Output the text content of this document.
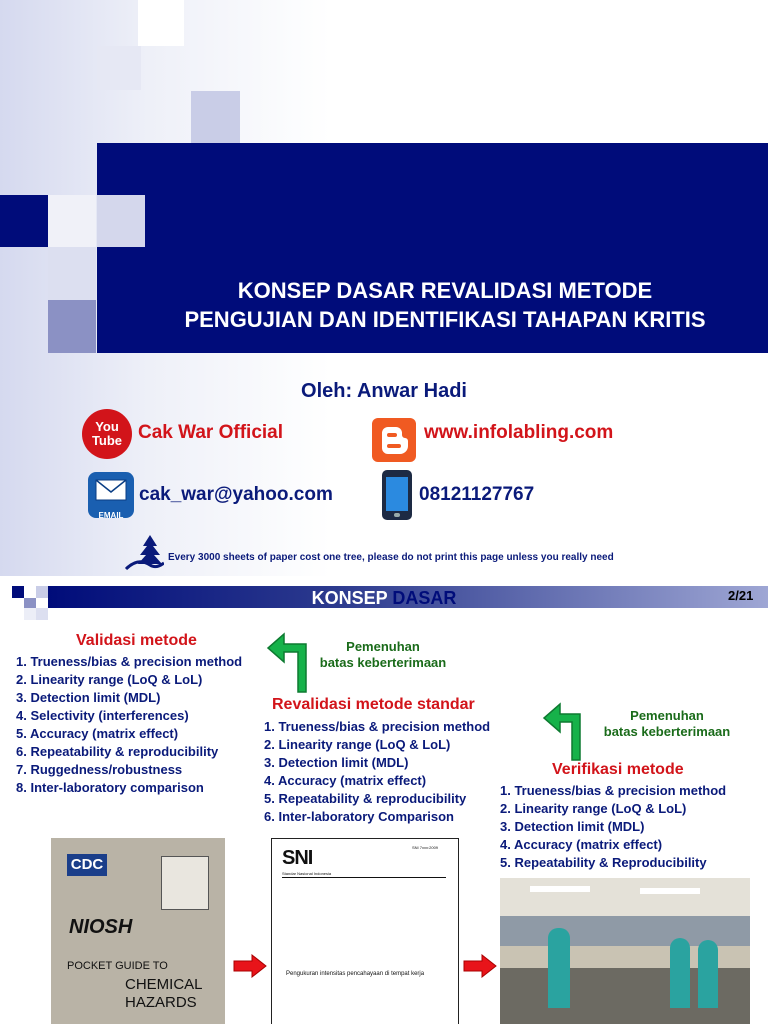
KONSEP DASAR REVALIDASI METODE
PENGUJIAN DAN IDENTIFIKASI TAHAPAN KRITIS
Oleh: Anwar Hadi
You Tube Cak War Official	www.infolabling.com
EMAIL
cak_war@yahoo.com	08121127767
Every 3000 sheets of paper cost one tree, please do not print this page unless you really need
KONSEP DASAR	2/21
Validasi metode
1. Trueness/bias & precision method
2. Linearity range (LoQ & LoL)
3. Detection limit (MDL)
4. Selectivity (interferences)
5. Accuracy (matrix effect)
6. Repeatability & reproducibility
7. Ruggedness/robustness
8. Inter-laboratory comparison
Pemenuhan
batas keberterimaan
Revalidasi metode standar
1. Trueness/bias & precision method
2. Linearity range (LoQ & LoL)
3. Detection limit (MDL)
4. Accuracy (matrix effect)
5. Repeatability & reproducibility
6. Inter-laboratory Comparison
Pemenuhan
batas keberterimaan
Verifikasi metode
1. Trueness/bias & precision method
2. Linearity range (LoQ & LoL)
3. Detection limit (MDL)
4. Accuracy (matrix effect)
5. Repeatability & Reproducibility
CDC
NIOSH
POCKET GUIDE TO
CHEMICAL
HAZARDS
SNI	SNI 7xxx:2009
Standar Nasional Indonesia
Pengukuran intensitas pencahayaan di tempat kerja
